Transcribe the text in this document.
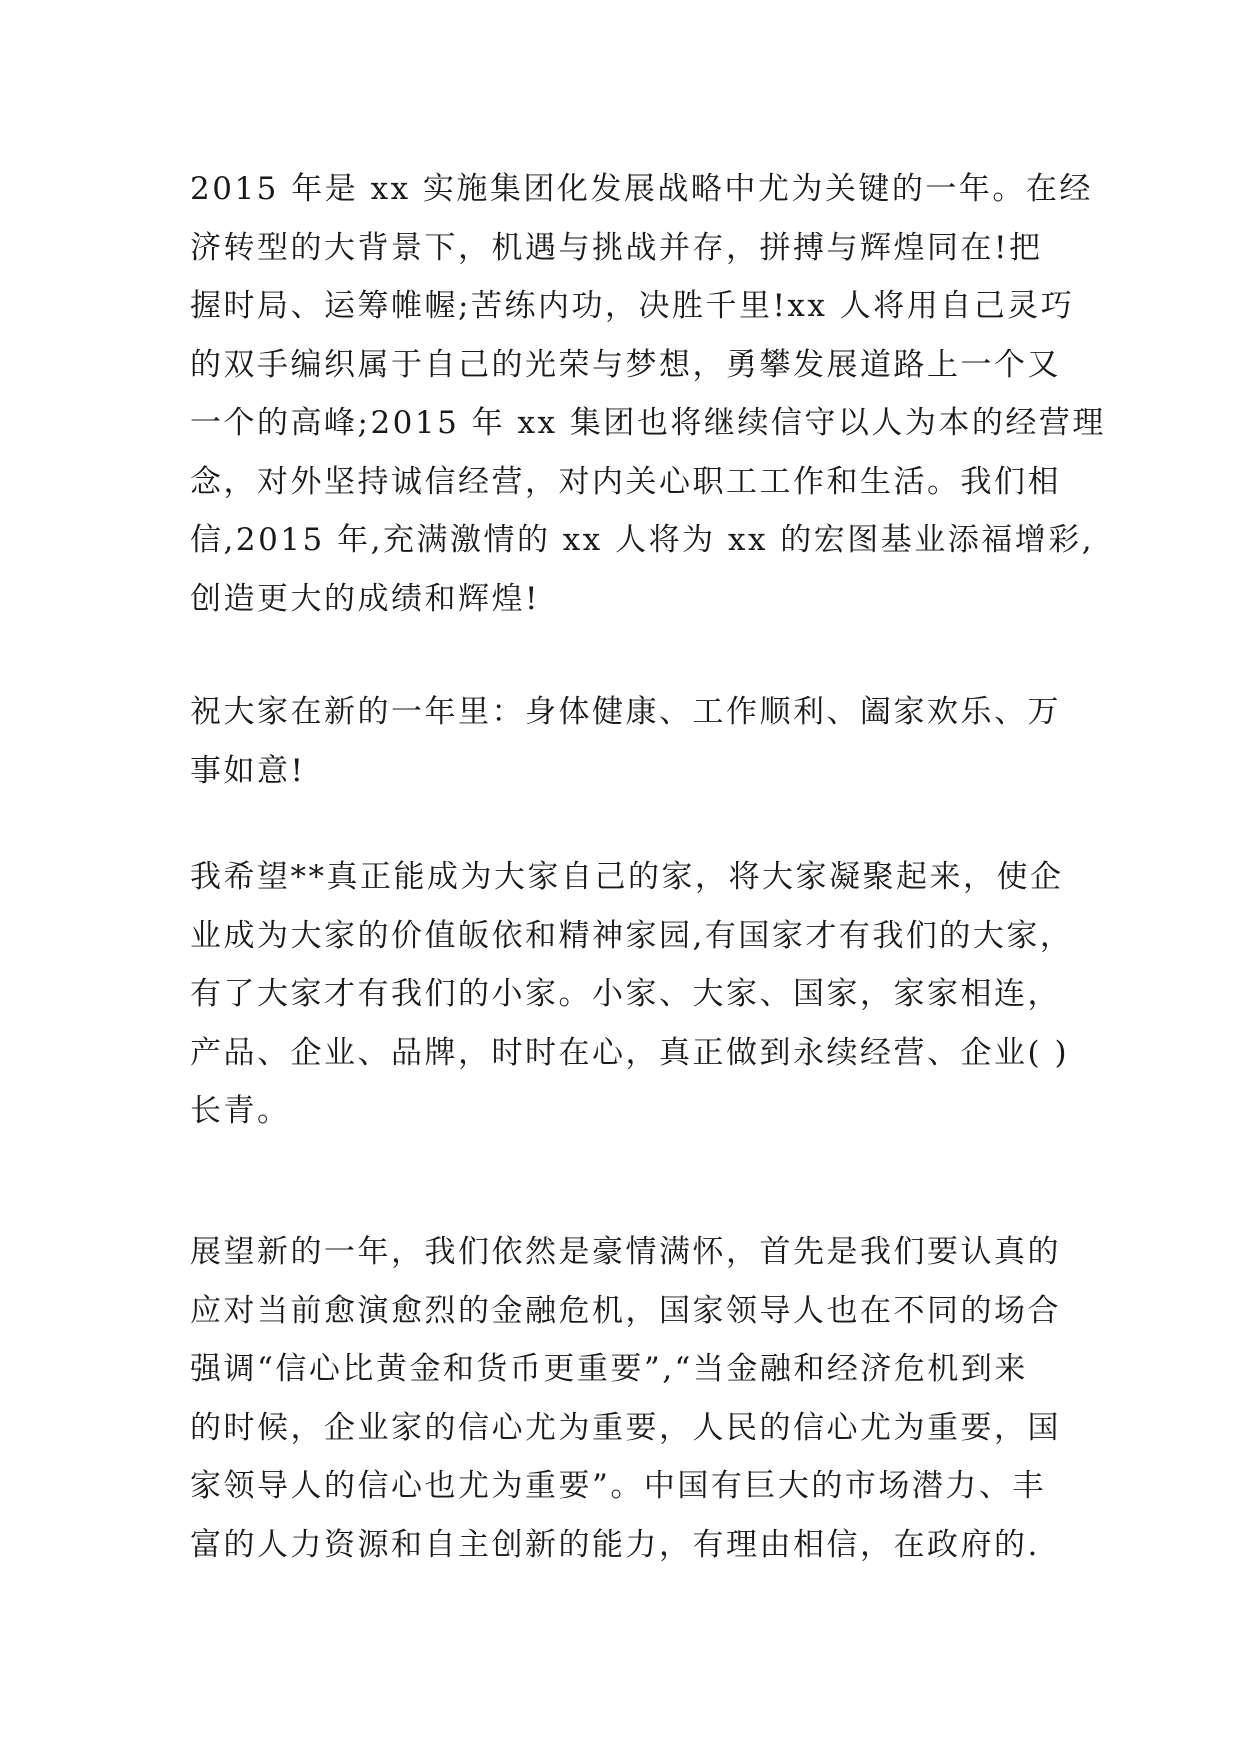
2015 年是 xx 实施集团化发展战略中尤为关键的一年。在经
济转型的大背景下，机遇与挑战并存，拼搏与辉煌同在!把
握时局、运筹帷幄;苦练内功，决胜千里!xx 人将用自己灵巧
的双手编织属于自己的光荣与梦想，勇攀发展道路上一个又
一个的高峰;2015 年 xx 集团也将继续信守以人为本的经营理
念，对外坚持诚信经营，对内关心职工工作和生活。我们相
信,2015 年,充满激情的 xx 人将为 xx 的宏图基业添福增彩,
创造更大的成绩和辉煌!
祝大家在新的一年里：身体健康、工作顺利、阖家欢乐、万
事如意!
我希望**真正能成为大家自己的家，将大家凝聚起来，使企
业成为大家的价值皈依和精神家园,有国家才有我们的大家，
有了大家才有我们的小家。小家、大家、国家，家家相连，
产品、企业、品牌，时时在心，真正做到永续经营、企业( )
长青。
展望新的一年，我们依然是豪情满怀，首先是我们要认真的
应对当前愈演愈烈的金融危机，国家领导人也在不同的场合
强调“信心比黄金和货币更重要”,“当金融和经济危机到来
的时候，企业家的信心尤为重要，人民的信心尤为重要，国
家领导人的信心也尤为重要”。中国有巨大的市场潜力、丰
富的人力资源和自主创新的能力，有理由相信，在政府的.
